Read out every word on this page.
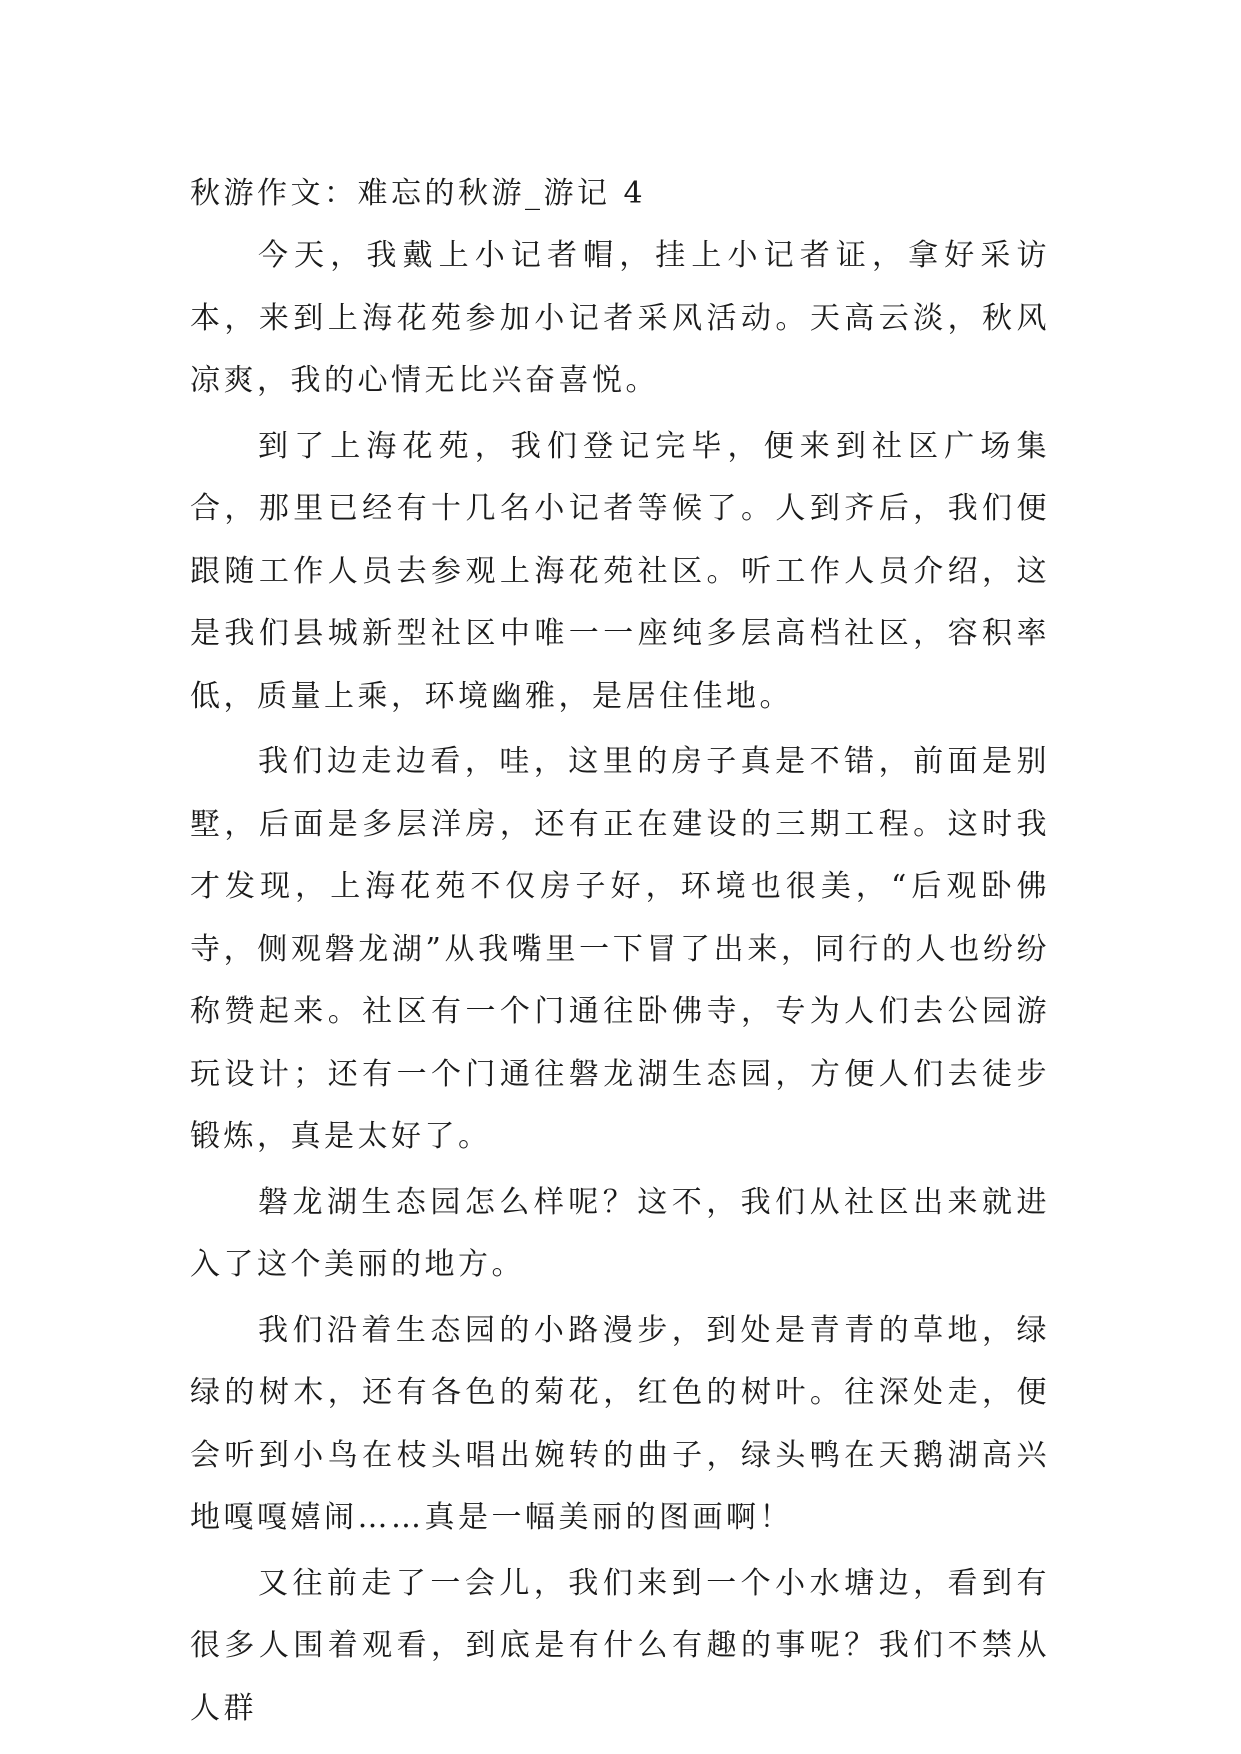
秋游作文：难忘的秋游_游记 4

今天，我戴上小记者帽，挂上小记者证，拿好采访本，来到上海花苑参加小记者采风活动。天高云淡，秋风凉爽，我的心情无比兴奋喜悦。

到了上海花苑，我们登记完毕，便来到社区广场集合，那里已经有十几名小记者等候了。人到齐后，我们便跟随工作人员去参观上海花苑社区。听工作人员介绍，这是我们县城新型社区中唯一一座纯多层高档社区，容积率低，质量上乘，环境幽雅，是居住佳地。

我们边走边看，哇，这里的房子真是不错，前面是别墅，后面是多层洋房，还有正在建设的三期工程。这时我才发现，上海花苑不仅房子好，环境也很美，“后观卧佛寺，侧观磐龙湖”从我嘴里一下冒了出来，同行的人也纷纷称赞起来。社区有一个门通往卧佛寺，专为人们去公园游玩设计；还有一个门通往磐龙湖生态园，方便人们去徒步锻炼，真是太好了。

磐龙湖生态园怎么样呢？这不，我们从社区出来就进入了这个美丽的地方。

我们沿着生态园的小路漫步，到处是青青的草地，绿绿的树木，还有各色的菊花，红色的树叶。往深处走，便会听到小鸟在枝头唱出婉转的曲子，绿头鸭在天鹅湖高兴地嘎嘎嬉闹……真是一幅美丽的图画啊！

又往前走了一会儿，我们来到一个小水塘边，看到有很多人围着观看，到底是有什么有趣的事呢？我们不禁从人群
